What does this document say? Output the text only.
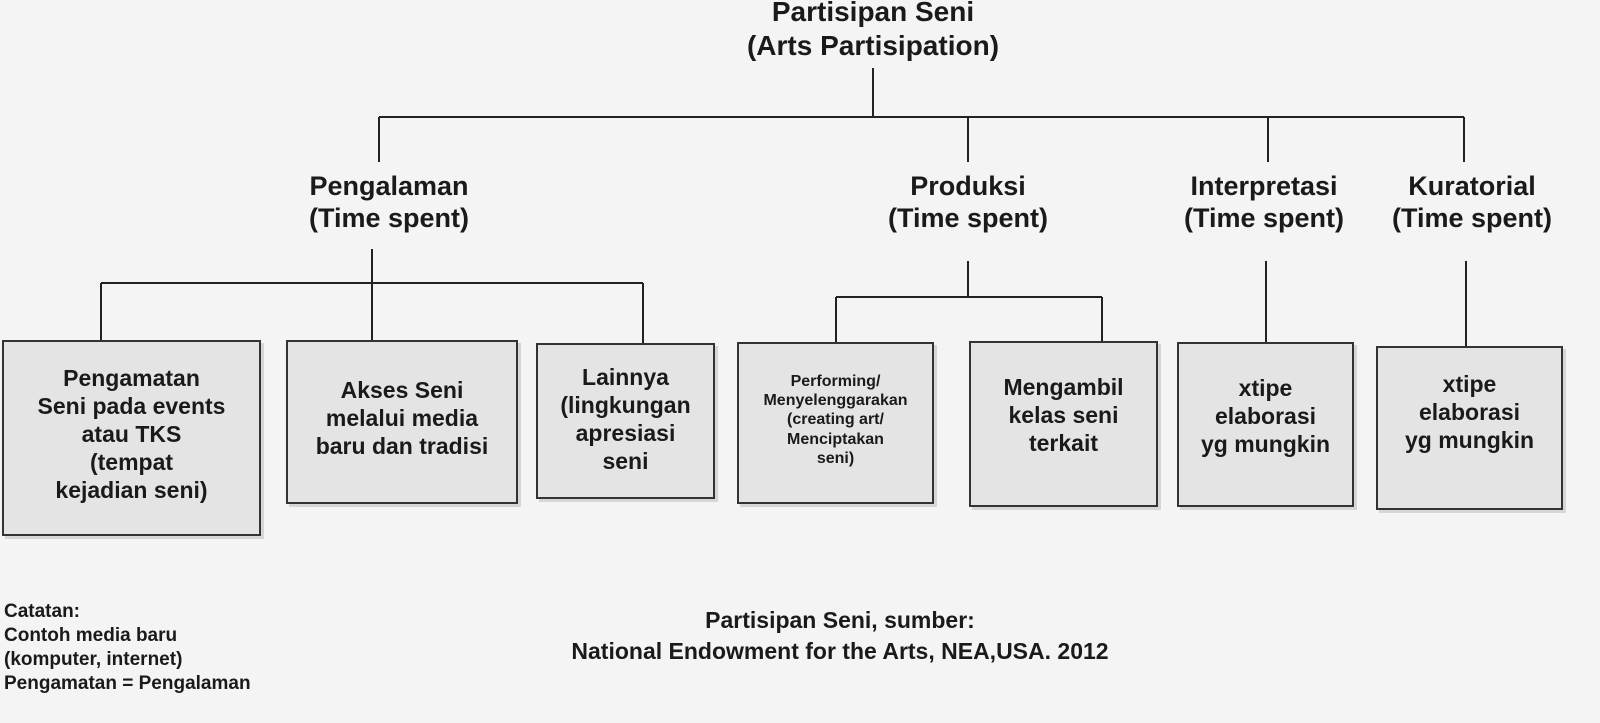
Partisipan Seni
(Arts Partisipation)
Pengalaman
(Time spent)
Produksi
(Time spent)
Interpretasi
(Time spent)
Kuratorial
(Time spent)
Pengamatan
Seni pada events
atau TKS
(tempat
kejadian seni)
Akses Seni
melalui media
baru dan tradisi
Lainnya
(lingkungan
apresiasi
seni
Performing/
Menyelenggarakan
(creating art/
Menciptakan
seni)
Mengambil
kelas seni
terkait
xtipe
elaborasi
yg mungkin
xtipe
elaborasi
yg mungkin
Catatan:
Contoh media baru
(komputer, internet)
Pengamatan = Pengalaman
Partisipan Seni, sumber:
National Endowment for the Arts, NEA,USA. 2012
